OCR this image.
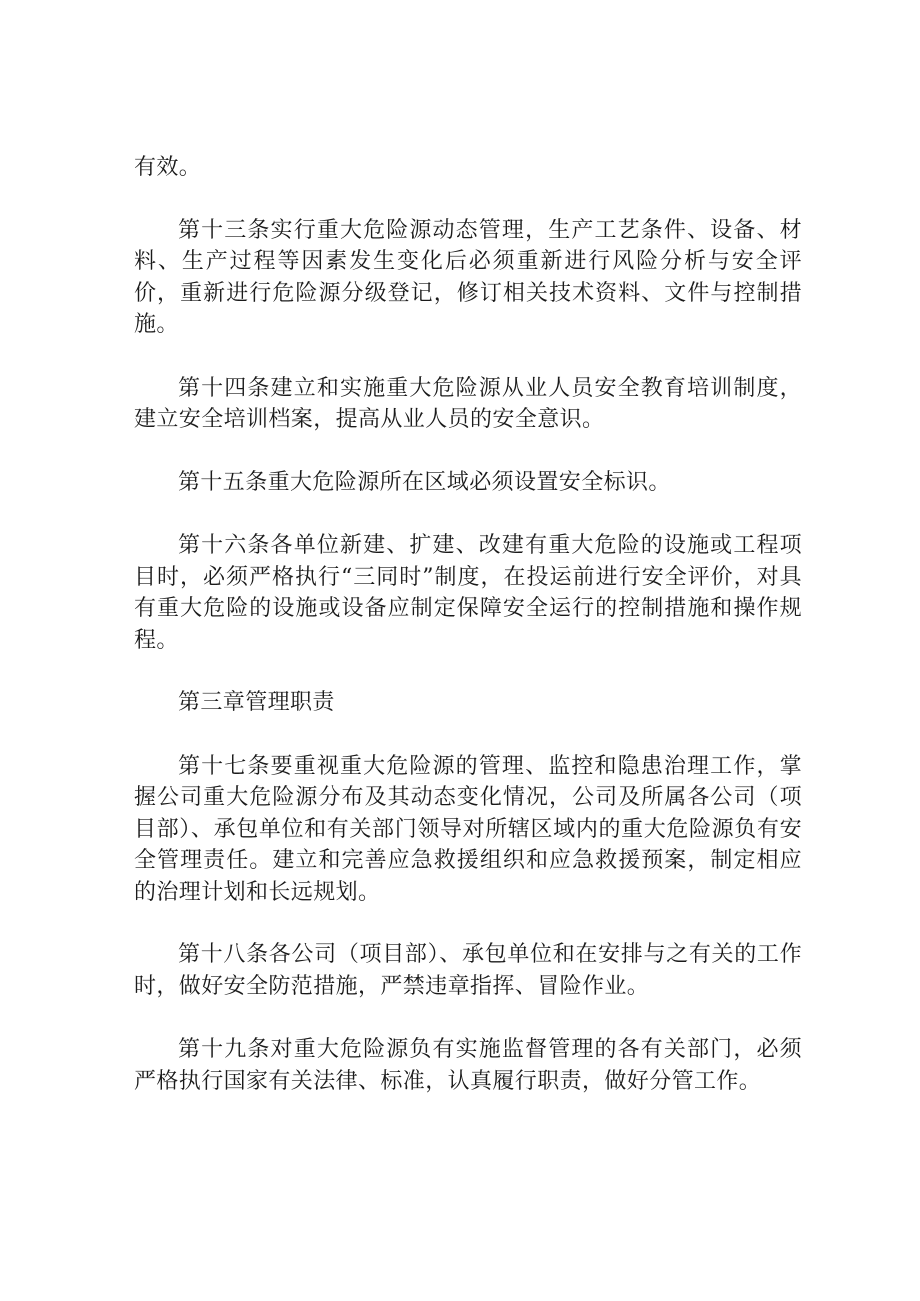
有效。

第十三条实行重大危险源动态管理，生产工艺条件、设备、材料、生产过程等因素发生变化后必须重新进行风险分析与安全评价，重新进行危险源分级登记，修订相关技术资料、文件与控制措施。

第十四条建立和实施重大危险源从业人员安全教育培训制度，建立安全培训档案，提高从业人员的安全意识。

第十五条重大危险源所在区域必须设置安全标识。

第十六条各单位新建、扩建、改建有重大危险的设施或工程项目时，必须严格执行“三同时”制度，在投运前进行安全评价，对具有重大危险的设施或设备应制定保障安全运行的控制措施和操作规程。

第三章管理职责

第十七条要重视重大危险源的管理、监控和隐患治理工作，掌握公司重大危险源分布及其动态变化情况，公司及所属各公司（项目部）、承包单位和有关部门领导对所辖区域内的重大危险源负有安全管理责任。建立和完善应急救援组织和应急救援预案，制定相应的治理计划和长远规划。

第十八条各公司（项目部）、承包单位和在安排与之有关的工作时，做好安全防范措施，严禁违章指挥、冒险作业。

第十九条对重大危险源负有实施监督管理的各有关部门，必须严格执行国家有关法律、标准，认真履行职责，做好分管工作。
